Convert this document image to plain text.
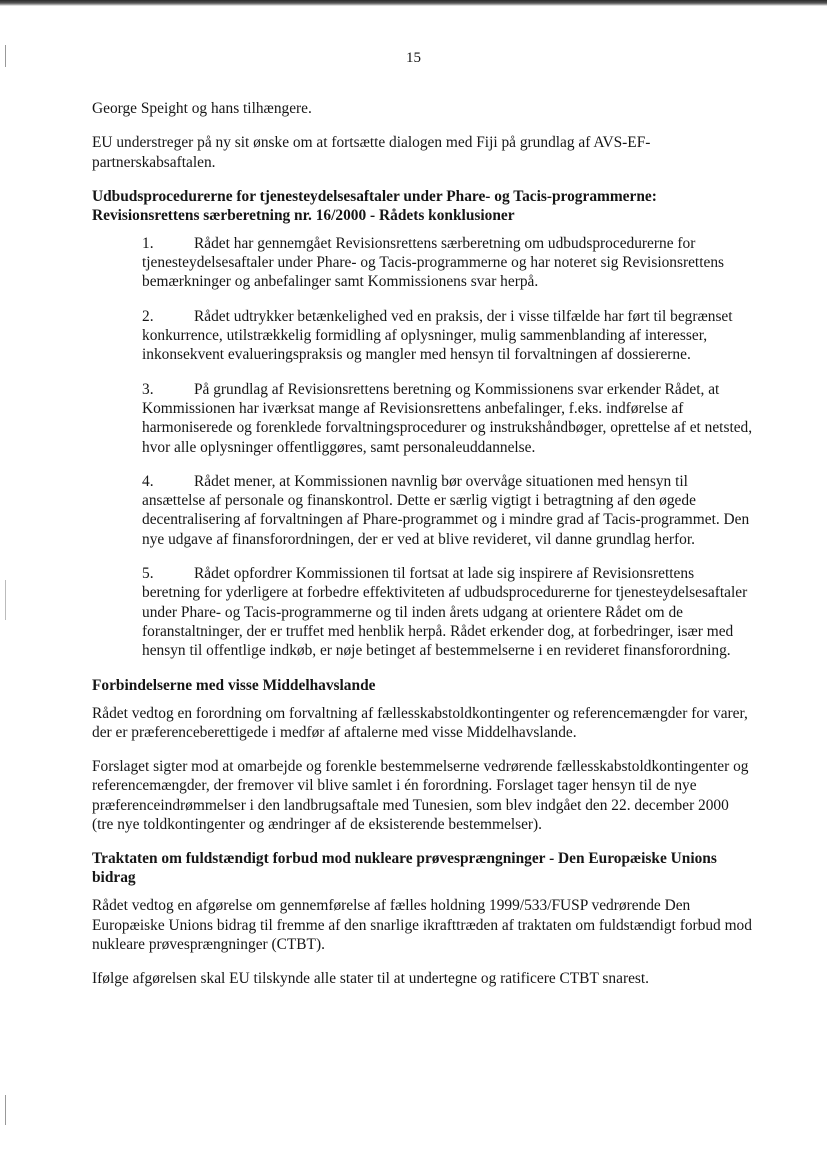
15

George Speight og hans tilhængere.

EU understreger på ny sit ønske om at fortsætte dialogen med Fiji på grundlag af AVS-EF-partnerskabsaftalen.

Udbudsprocedurerne for tjenesteydelsesaftaler under Phare- og Tacis-programmerne: Revisionsrettens særberetning nr. 16/2000 - Rådets konklusioner
1.	Rådet har gennemgået Revisionsrettens særberetning om udbudsprocedurerne for tjenesteydelsesaftaler under Phare- og Tacis-programmerne og har noteret sig Revisionsrettens bemærkninger og anbefalinger samt Kommissionens svar herpå.
2.	Rådet udtrykker betænkelighed ved en praksis, der i visse tilfælde har ført til begrænset konkurrence, utilstrækkelig formidling af oplysninger, mulig sammenblanding af interesser, inkonsekvent evalueringspraksis og mangler med hensyn til forvaltningen af dossiererne.
3.	På grundlag af Revisionsrettens beretning og Kommissionens svar erkender Rådet, at Kommissionen har iværksat mange af Revisionsrettens anbefalinger, f.eks. indførelse af harmoniserede og forenklede forvaltningsprocedurer og instrukshåndbøger, oprettelse af et netsted, hvor alle oplysninger offentliggøres, samt personaleuddannelse.
4.	Rådet mener, at Kommissionen navnlig bør overvåge situationen med hensyn til ansættelse af personale og finanskontrol. Dette er særlig vigtigt i betragtning af den øgede decentralisering af forvaltningen af Phare-programmet og i mindre grad af Tacis-programmet. Den nye udgave af finansforordningen, der er ved at blive revideret, vil danne grundlag herfor.
5.	Rådet opfordrer Kommissionen til fortsat at lade sig inspirere af Revisionsrettens beretning for yderligere at forbedre effektiviteten af udbudsprocedurerne for tjenesteydelsesaftaler under Phare- og Tacis-programmerne og til inden årets udgang at orientere Rådet om de foranstaltninger, der er truffet med henblik herpå. Rådet erkender dog, at forbedringer, især med hensyn til offentlige indkøb, er nøje betinget af bestemmelserne i en revideret finansforordning.
Forbindelserne med visse Middelhavslande

Rådet vedtog en forordning om forvaltning af fællesskabstoldkontingenter og referencemængder for varer, der er præferenceberettigede i medfør af aftalerne med visse Middelhavslande.

Forslaget sigter mod at omarbejde og forenkle bestemmelserne vedrørende fællesskabstoldkontingenter og referencemængder, der fremover vil blive samlet i én forordning. Forslaget tager hensyn til de nye præferenceindrømmelser i den landbrugsaftale med Tunesien, som blev indgået den 22. december 2000 (tre nye toldkontingenter og ændringer af de eksisterende bestemmelser).

Traktaten om fuldstændigt forbud mod nukleare prøvesprængninger - Den Europæiske Unions bidrag

Rådet vedtog en afgørelse om gennemførelse af fælles holdning 1999/533/FUSP vedrørende Den Europæiske Unions bidrag til fremme af den snarlige ikrafttræden af traktaten om fuldstændigt forbud mod nukleare prøvesprængninger (CTBT).

Ifølge afgørelsen skal EU tilskynde alle stater til at undertegne og ratificere CTBT snarest.
